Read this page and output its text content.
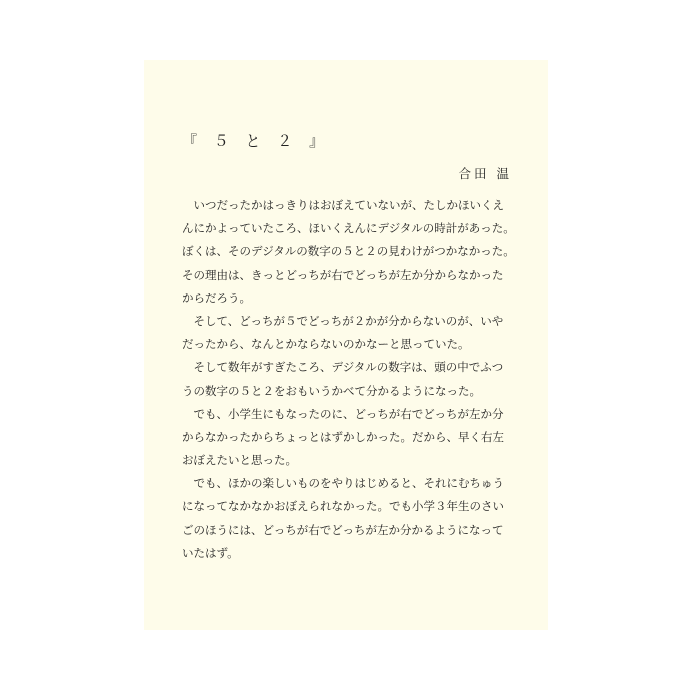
『 ５ と ２ 』
合田 温
　いつだったかはっきりはおぼえていないが、たしかほいくえ
んにかよっていたころ、ほいくえんにデジタルの時計があった。
ぼくは、そのデジタルの数字の５と２の見わけがつかなかった。
その理由は、きっとどっちが右でどっちが左か分からなかった
からだろう。
　そして、どっちが５でどっちが２かが分からないのが、いや
だったから、なんとかならないのかなーと思っていた。
　そして数年がすぎたころ、デジタルの数字は、頭の中でふつ
うの数字の５と２をおもいうかべて分かるようになった。
　でも、小学生にもなったのに、どっちが右でどっちが左か分
からなかったからちょっとはずかしかった。だから、早く右左
おぼえたいと思った。
　でも、ほかの楽しいものをやりはじめると、それにむちゅう
になってなかなかおぼえられなかった。でも小学３年生のさい
ごのほうには、どっちが右でどっちが左か分かるようになって
いたはず。
